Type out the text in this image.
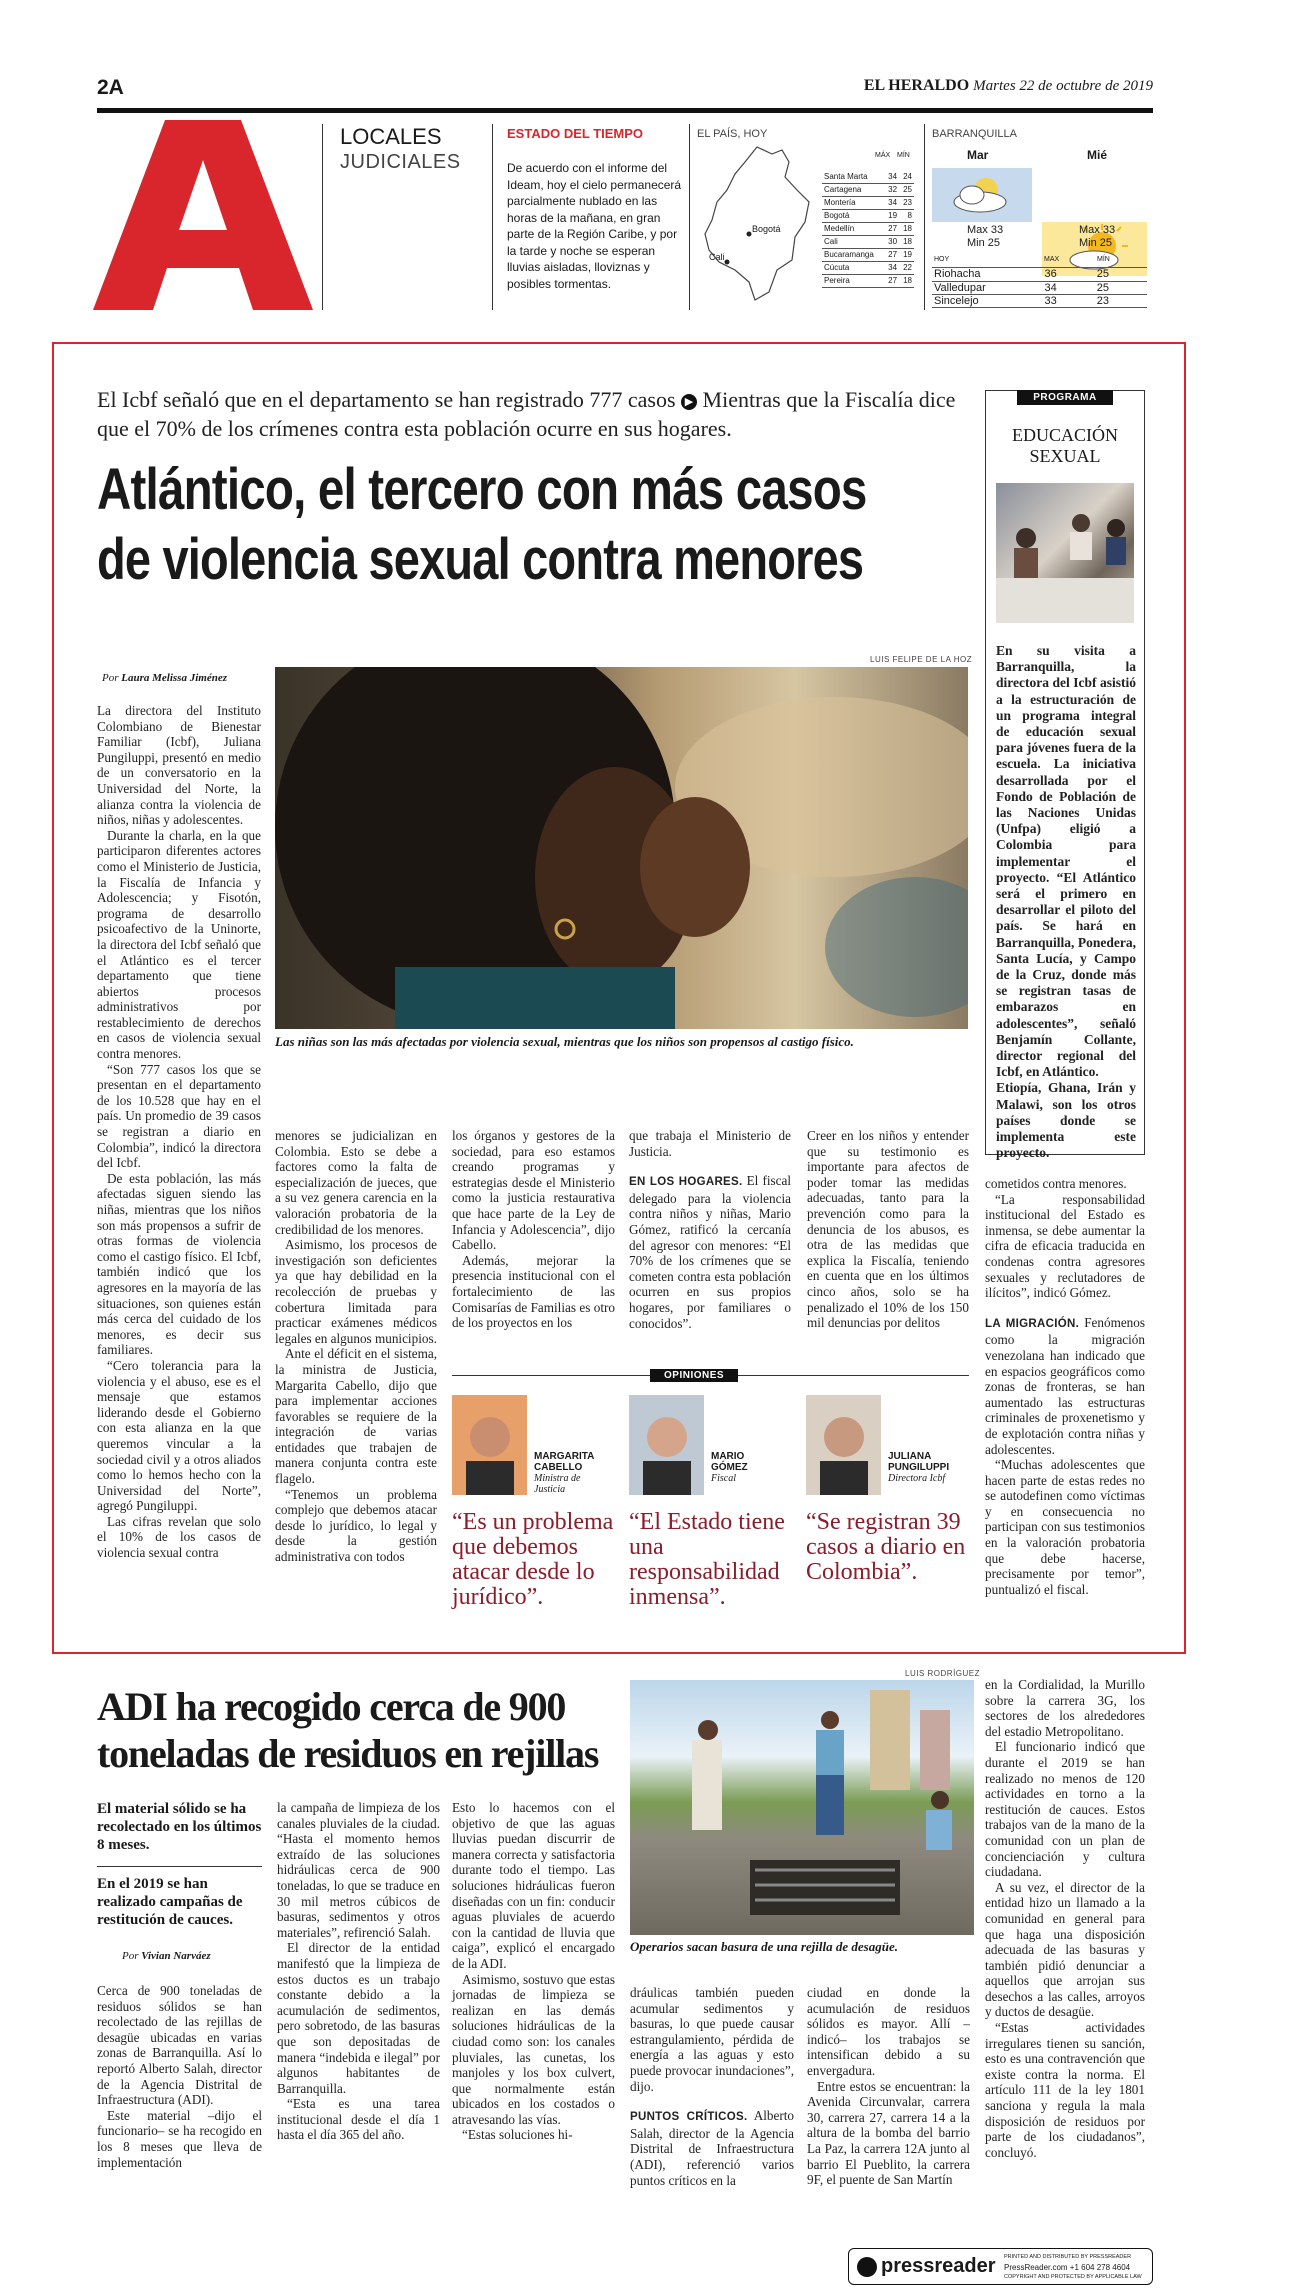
2A	EL HERALDO Martes 22 de octubre de 2019
LOCALES
JUDICIALES
ESTADO DEL TIEMPO
De acuerdo con el informe del Ideam, hoy el cielo permanecerá parcialmente nublado en las horas de la mañana, en gran parte de la Región Caribe, y por la tarde y noche se esperan lluvias aisladas, lloviznas y posibles tormentas.
EL PAÍS, HOY
Bogotá
Cali
MÁX MÍN
Santa Marta	34	24
Cartagena	32	25
Montería	34	23
Bogotá	19	8
Medellín	27	18
Cali	30	18
Bucaramanga	27	19
Cúcuta	34	22
Pereira	27	18
BARRANQUILLA
Mar	Mié
Max 33
Min 25
Max 33
Min 25
HOY	MAX	MÍN
Riohacha	36	25
Valledupar	34	25
Sincelejo	33	23
El Icbf señaló que en el departamento se han registrado 777 casos ▶ Mientras que la Fiscalía dice que el 70% de los crímenes contra esta población ocurre en sus hogares.
Atlántico, el tercero con más casos
de violencia sexual contra menores
LUIS FELIPE DE LA HOZ
Por Laura Melissa Jiménez
Las niñas son las más afectadas por violencia sexual, mientras que los niños son propensos al castigo físico.

La directora del Instituto Colombiano de Bienestar Familiar (Icbf), Juliana Pungiluppi, presentó en medio de un conversatorio en la Universidad del Norte, la alianza contra la violencia de niños, niñas y adolescentes.

Durante la charla, en la que participaron diferentes actores como el Ministerio de Justicia, la Fiscalía de Infancia y Adolescencia; y Fisotón, programa de desarrollo psicoafectivo de la Uninorte, la directora del Icbf señaló que el Atlántico es el tercer departamento que tiene abiertos procesos administrativos por restablecimiento de derechos en casos de violencia sexual contra menores.

“Son 777 casos los que se presentan en el departamento de los 10.528 que hay en el país. Un promedio de 39 casos se registran a diario en Colombia”, indicó la directora del Icbf.

De esta población, las más afectadas siguen siendo las niñas, mientras que los niños son más propensos a sufrir de otras formas de violencia como el castigo físico. El Icbf, también indicó que los agresores en la mayoría de las situaciones, son quienes están más cerca del cuidado de los menores, es decir sus familiares.

“Cero tolerancia para la violencia y el abuso, ese es el mensaje que estamos liderando desde el Gobierno con esta alianza en la que queremos vincular a la sociedad civil y a otros aliados como lo hemos hecho con la Universidad del Norte”, agregó Pungiluppi.

Las cifras revelan que solo el 10% de los casos de violencia sexual contra

menores se judicializan en Colombia. Esto se debe a factores como la falta de especialización de jueces, que a su vez genera carencia en la valoración probatoria de la credibilidad de los menores.

Asimismo, los procesos de investigación son deficientes ya que hay debilidad en la recolección de pruebas y cobertura limitada para practicar exámenes médicos legales en algunos municipios.

Ante el déficit en el sistema, la ministra de Justicia, Margarita Cabello, dijo que para implementar acciones favorables se requiere de la integración de varias entidades que trabajen de manera conjunta contra este flagelo.

“Tenemos un problema complejo que debemos atacar desde lo jurídico, lo legal y desde la gestión administrativa con todos

los órganos y gestores de la sociedad, para eso estamos creando programas y estrategias desde el Ministerio como la justicia restaurativa que hace parte de la Ley de Infancia y Adolescencia”, dijo Cabello.

Además, mejorar la presencia institucional con el fortalecimiento de las Comisarías de Familias es otro de los proyectos en los

que trabaja el Ministerio de Justicia.

EN LOS HOGARES. El fiscal delegado para la violencia contra niños y niñas, Mario Gómez, ratificó la cercanía del agresor con menores: “El 70% de los crímenes que se cometen contra esta población ocurren en sus propios hogares, por familiares o conocidos”.

Creer en los niños y entender que su testimonio es importante para afectos de poder tomar las medidas adecuadas, tanto para la prevención como para la denuncia de los abusos, es otra de las medidas que explica la Fiscalía, teniendo en cuenta que en los últimos cinco años, solo se ha penalizado el 10% de los 150 mil denuncias por delitos

cometidos contra menores.

“La responsabilidad institucional del Estado es inmensa, se debe aumentar la cifra de eficacia traducida en condenas contra agresores sexuales y reclutadores de ilícitos”, indicó Gómez.

LA MIGRACIÓN. Fenómenos como la migración venezolana han indicado que en espacios geográficos como zonas de fronteras, se han aumentado las estructuras criminales de proxenetismo y de explotación contra niñas y adolescentes.

“Muchas adolescentes que hacen parte de estas redes no se autodefinen como víctimas y en consecuencia no participan con sus testimonios en la valoración probatoria que debe hacerse, precisamente por temor”, puntualizó el fiscal.

OPINIONES
MARGARITA
CABELLO
Ministra de
Justicia
“Es un problema que debemos atacar desde lo jurídico”.
MARIO
GÓMEZ
Fiscal
“El Estado tiene una responsabilidad inmensa”.
JULIANA
PUNGILUPPI
Directora Icbf
“Se registran 39 casos a diario en Colombia”.
PROGRAMA
EDUCACIÓN
SEXUAL

En su visita a Barranquilla, la directora del Icbf asistió a la estructuración de un programa integral de educación sexual para jóvenes fuera de la escuela. La iniciativa desarrollada por el Fondo de Población de las Naciones Unidas (Unfpa) eligió a Colombia para implementar el proyecto. “El Atlántico será el primero en desarrollar el piloto del país. Se hará en Barranquilla, Ponedera, Santa Lucía, y Campo de la Cruz, donde más se registran tasas de embarazos en adolescentes”, señaló Benjamín Collante, director regional del Icbf, en Atlántico.

Etiopía, Ghana, Irán y Malawi, son los otros países donde se implementa este proyecto.

ADI ha recogido cerca de 900
toneladas de residuos en rejillas
LUIS RODRÍGUEZ
Operarios sacan basura de una rejilla de desagüe.
El material sólido se ha recolectado en los últimos 8 meses.
En el 2019 se han realizado campañas de restitución de cauces.
Por Vivian Narváez

Cerca de 900 toneladas de residuos sólidos se han recolectado de las rejillas de desagüe ubicadas en varias zonas de Barranquilla. Así lo reportó Alberto Salah, director de la Agencia Distrital de Infraestructura (ADI).

Este material –dijo el funcionario– se ha recogido en los 8 meses que lleva de implementación

la campaña de limpieza de los canales pluviales de la ciudad. “Hasta el momento hemos extraído de las soluciones hidráulicas cerca de 900 toneladas, lo que se traduce en 30 mil metros cúbicos de basuras, sedimentos y otros materiales”, refirenció Salah.

El director de la entidad manifestó que la limpieza de estos ductos es un trabajo constante debido a la acumulación de sedimentos, pero sobretodo, de las basuras que son depositadas de manera “indebida e ilegal” por algunos habitantes de Barranquilla.

“Esta es una tarea institucional desde el día 1 hasta el día 365 del año.

Esto lo hacemos con el objetivo de que las aguas lluvias puedan discurrir de manera correcta y satisfactoria durante todo el tiempo. Las soluciones hidráulicas fueron diseñadas con un fin: conducir aguas pluviales de acuerdo con la cantidad de lluvia que caiga”, explicó el encargado de la ADI.

Asimismo, sostuvo que estas jornadas de limpieza se realizan en las demás soluciones hidráulicas de la ciudad como son: los canales pluviales, las cunetas, los manjoles y los box culvert, que normalmente están ubicados en los costados o atravesando las vías.

“Estas soluciones hi-

dráulicas también pueden acumular sedimentos y basuras, lo que puede causar estrangulamiento, pérdida de energía a las aguas y esto puede provocar inundaciones”, dijo.

PUNTOS CRÍTICOS. Alberto Salah, director de la Agencia Distrital de Infraestructura (ADI), referenció varios puntos críticos en la

ciudad en donde la acumulación de residuos sólidos es mayor. Allí –indicó– los trabajos se intensifican debido a su envergadura.

Entre estos se encuentran: la Avenida Circunvalar, carrera 30, carrera 27, carrera 14 a la altura de la bomba del barrio La Paz, la carrera 12A junto al barrio El Pueblito, la carrera 9F, el puente de San Martín

en la Cordialidad, la Murillo sobre la carrera 3G, los sectores de los alrededores del estadio Metropolitano.

El funcionario indicó que durante el 2019 se han realizado no menos de 120 actividades en torno a la restitución de cauces. Estos trabajos van de la mano de la comunidad con un plan de concienciación y cultura ciudadana.

A su vez, el director de la entidad hizo un llamado a la comunidad en general para que haga una disposición adecuada de las basuras y también pidió denunciar a aquellos que arrojan sus desechos a las calles, arroyos y ductos de desagüe.

“Estas actividades irregulares tienen su sanción, esto es una contravención que existe contra la norma. El artículo 111 de la ley 1801 sanciona y regula la mala disposición de residuos por parte de los ciudadanos”, concluyó.

pressreader PRINTED AND DISTRIBUTED BY PRESSREADER
PressReader.com +1 604 278 4604
COPYRIGHT AND PROTECTED BY APPLICABLE LAW
